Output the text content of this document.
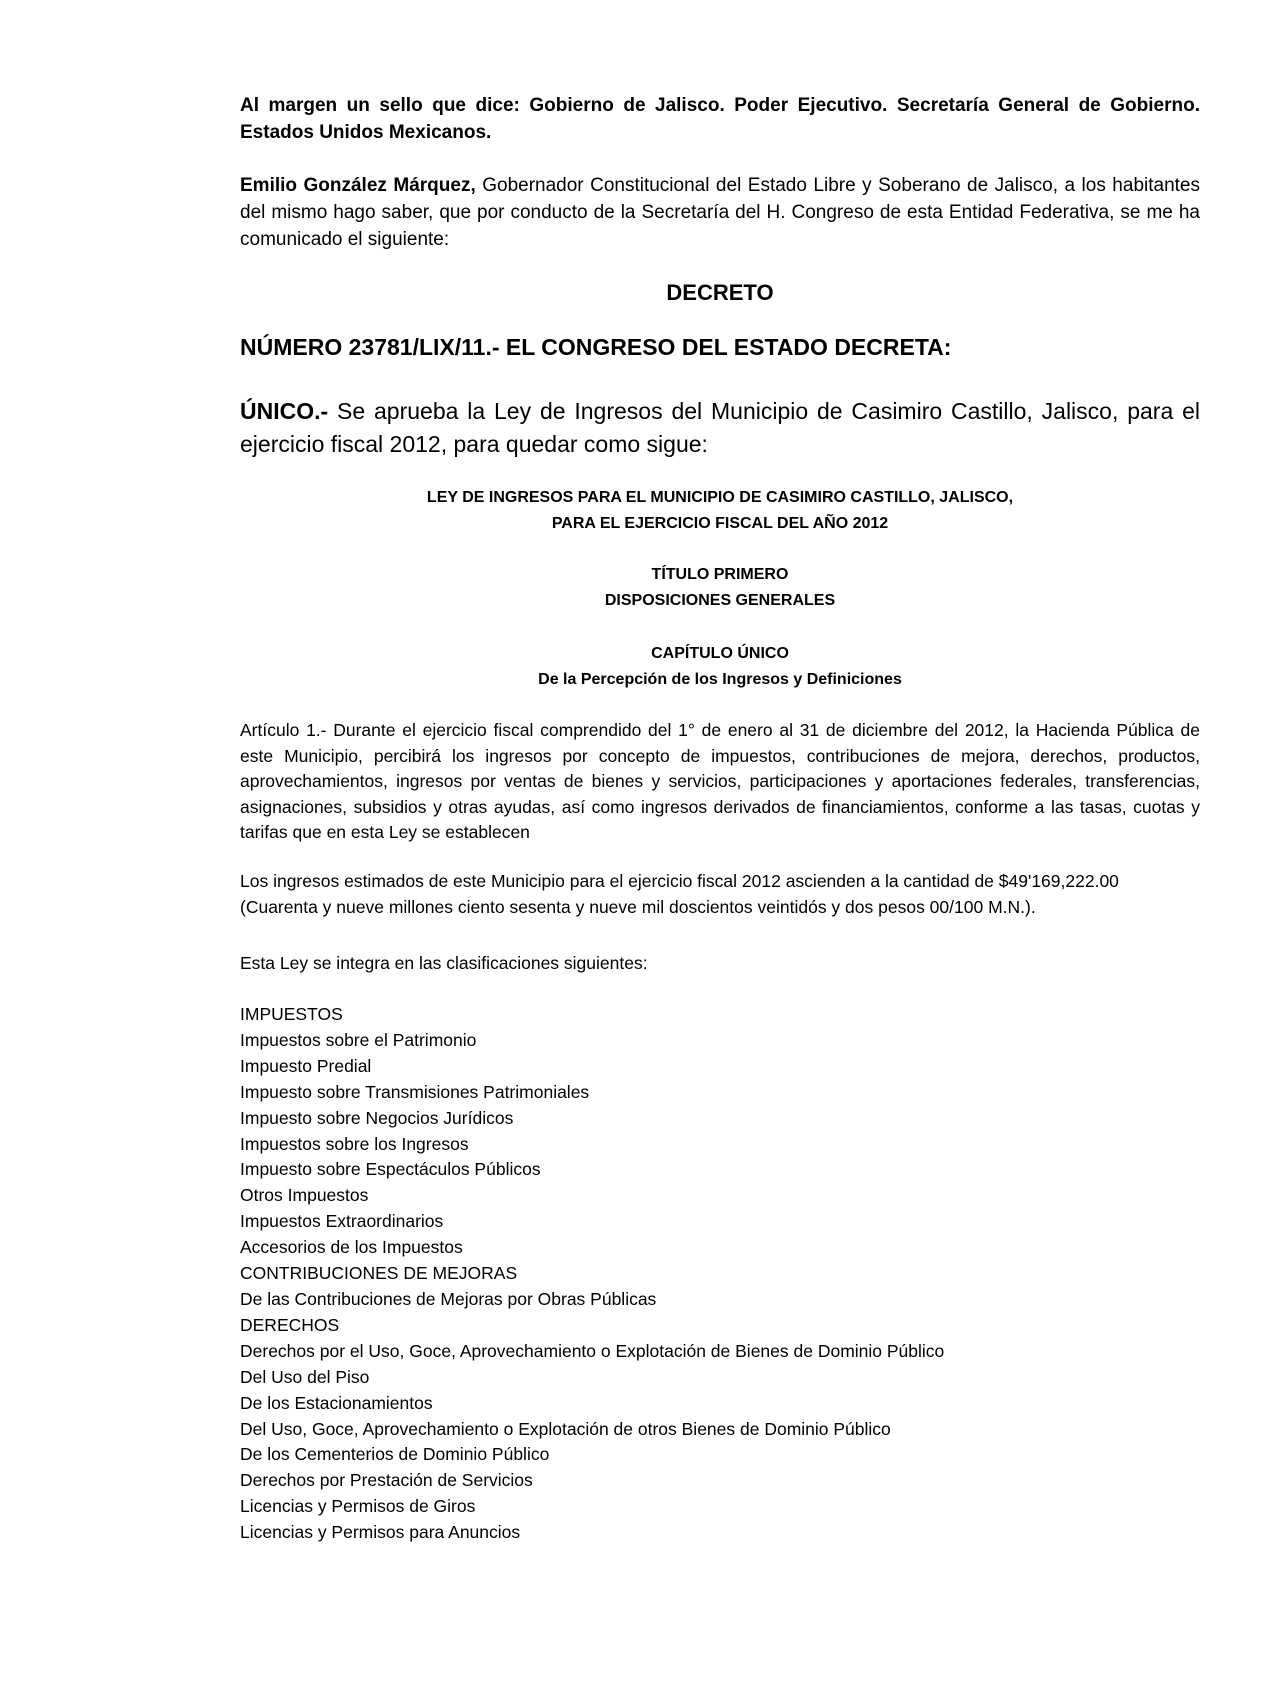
Al margen un sello que dice: Gobierno de Jalisco. Poder Ejecutivo. Secretaría General de Gobierno. Estados Unidos Mexicanos.
Emilio González Márquez, Gobernador Constitucional del Estado Libre y Soberano de Jalisco, a los habitantes del mismo hago saber, que por conducto de la Secretaría del H. Congreso de esta Entidad Federativa, se me ha comunicado el siguiente:
DECRETO
NÚMERO 23781/LIX/11.- EL CONGRESO DEL ESTADO DECRETA:
ÚNICO.- Se aprueba la Ley de Ingresos del Municipio de Casimiro Castillo, Jalisco, para el ejercicio fiscal 2012, para quedar como sigue:
LEY DE INGRESOS PARA EL MUNICIPIO DE CASIMIRO CASTILLO, JALISCO,
PARA EL EJERCICIO FISCAL DEL AÑO 2012
TÍTULO PRIMERO
DISPOSICIONES GENERALES
CAPÍTULO ÚNICO
De la Percepción de los Ingresos y Definiciones
Artículo 1.- Durante el ejercicio fiscal comprendido del 1° de enero al 31 de diciembre del 2012, la Hacienda Pública de este Municipio, percibirá los ingresos por concepto de impuestos, contribuciones de mejora, derechos, productos, aprovechamientos, ingresos por ventas de bienes y servicios, participaciones y aportaciones federales, transferencias, asignaciones, subsidios y otras ayudas, así como ingresos derivados de financiamientos, conforme a las tasas, cuotas y tarifas que en esta Ley se establecen
Los ingresos estimados de este Municipio para el ejercicio fiscal 2012 ascienden a la cantidad de $49'169,222.00
(Cuarenta y nueve millones ciento sesenta y nueve mil doscientos veintidós y dos pesos 00/100 M.N.).
Esta Ley se integra en las clasificaciones siguientes:
IMPUESTOS
Impuestos sobre el Patrimonio
Impuesto Predial
Impuesto sobre Transmisiones Patrimoniales
Impuesto sobre Negocios Jurídicos
Impuestos sobre los Ingresos
Impuesto sobre Espectáculos Públicos
Otros Impuestos
Impuestos Extraordinarios
Accesorios de los Impuestos
CONTRIBUCIONES DE MEJORAS
De las Contribuciones de Mejoras por Obras Públicas
DERECHOS
Derechos por el Uso, Goce, Aprovechamiento o Explotación de Bienes de Dominio Público
Del Uso del Piso
De los Estacionamientos
Del Uso, Goce, Aprovechamiento o Explotación de otros Bienes de Dominio Público
De los Cementerios de Dominio Público
Derechos por Prestación de Servicios
Licencias y Permisos de Giros
Licencias y Permisos para Anuncios
